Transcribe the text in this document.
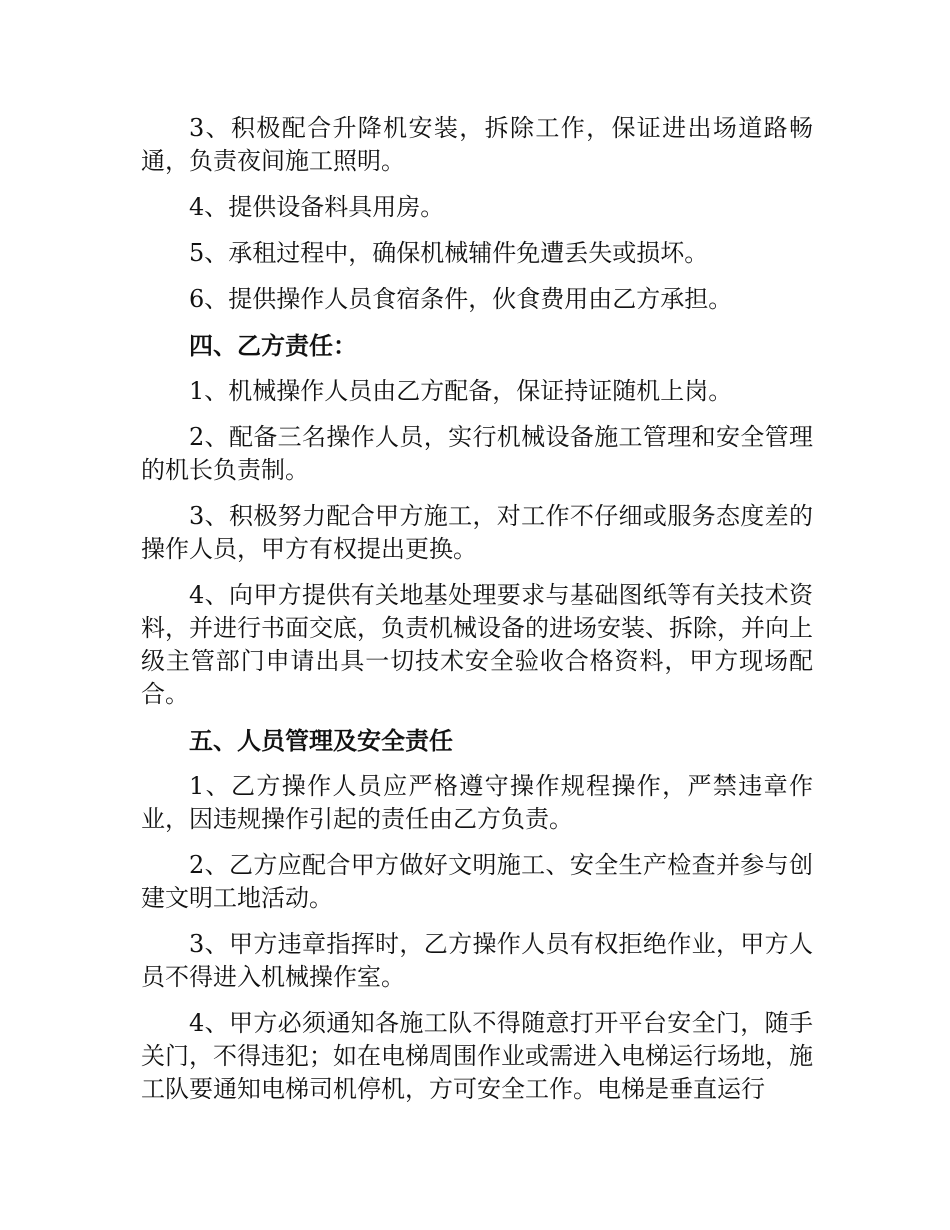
3、积极配合升降机安装，拆除工作，保证进出场道路畅通，负责夜间施工照明。

4、提供设备料具用房。

5、承租过程中，确保机械辅件免遭丢失或损坏。

6、提供操作人员食宿条件，伙食费用由乙方承担。

四、乙方责任：

1、机械操作人员由乙方配备，保证持证随机上岗。

2、配备三名操作人员，实行机械设备施工管理和安全管理的机长负责制。

3、积极努力配合甲方施工，对工作不仔细或服务态度差的操作人员，甲方有权提出更换。

4、向甲方提供有关地基处理要求与基础图纸等有关技术资料，并进行书面交底，负责机械设备的进场安装、拆除，并向上级主管部门申请出具一切技术安全验收合格资料，甲方现场配合。

五、人员管理及安全责任

1、乙方操作人员应严格遵守操作规程操作，严禁违章作业，因违规操作引起的责任由乙方负责。

2、乙方应配合甲方做好文明施工、安全生产检查并参与创建文明工地活动。

3、甲方违章指挥时，乙方操作人员有权拒绝作业，甲方人员不得进入机械操作室。

4、甲方必须通知各施工队不得随意打开平台安全门，随手关门，不得违犯；如在电梯周围作业或需进入电梯运行场地，施工队要通知电梯司机停机，方可安全工作。电梯是垂直运行
